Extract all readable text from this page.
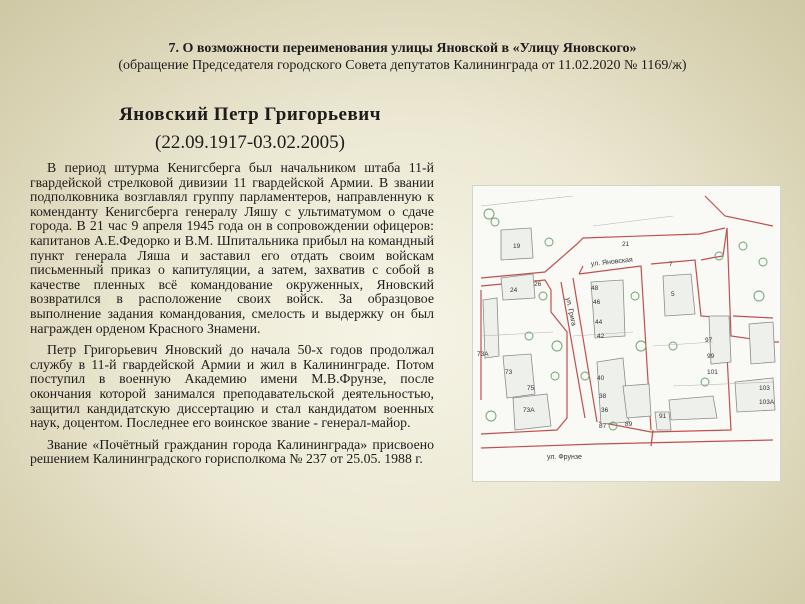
7. О возможности переименования улицы Яновской в «Улицу Яновского»
(обращение Председателя городского Совета депутатов Калининграда от 11.02.2020 № 1169/ж)
Яновский Петр Григорьевич
(22.09.1917-03.02.2005)

В период штурма Кенигсберга был начальником штаба 11-й гвардейской стрелковой дивизии 11 гвардейской Армии. В звании подполковника возглавлял группу парламентеров, направленную к коменданту Кенигсберга генералу Ляшу с ультиматумом о сдаче города. В 21 час 9 апреля 1945 года он в сопровождении офицеров: капитанов А.Е.Федорко и В.М. Шпитальника прибыл на командный пункт генерала Ляша и заставил его отдать своим войскам письменный приказ о капитуляции, а затем, захватив с собой в качестве пленных всё командование окруженных, Яновский возвратился в расположение своих войск. За образцовое выполнение задания командования, смелость и выдержку он был награжден орденом Красного Знамени.

Петр Григорьевич Яновский до начала 50-х годов продолжал службу в 11-й гвардейской Армии и жил в Калининграде. Потом поступил в военную Академию имени М.В.Фрунзе, после окончания которой занимался преподавательской деятельностью, защитил кандидатскую диссертацию и стал кандидатом военных наук, доцентом. Последнее его воинское звание - генерал-майор.

Звание «Почётный гражданин города Калининграда» присвоено решением Калининградского горисполкома № 237 от 25.05. 1988 г.

ул. Яновская
ул. Грига
ул. Фрунзе
19	21
24
26
73А
73
75
73А
48
46
44
42
40
38
36
87	89
91
7
5
97
99
101
103А
103
